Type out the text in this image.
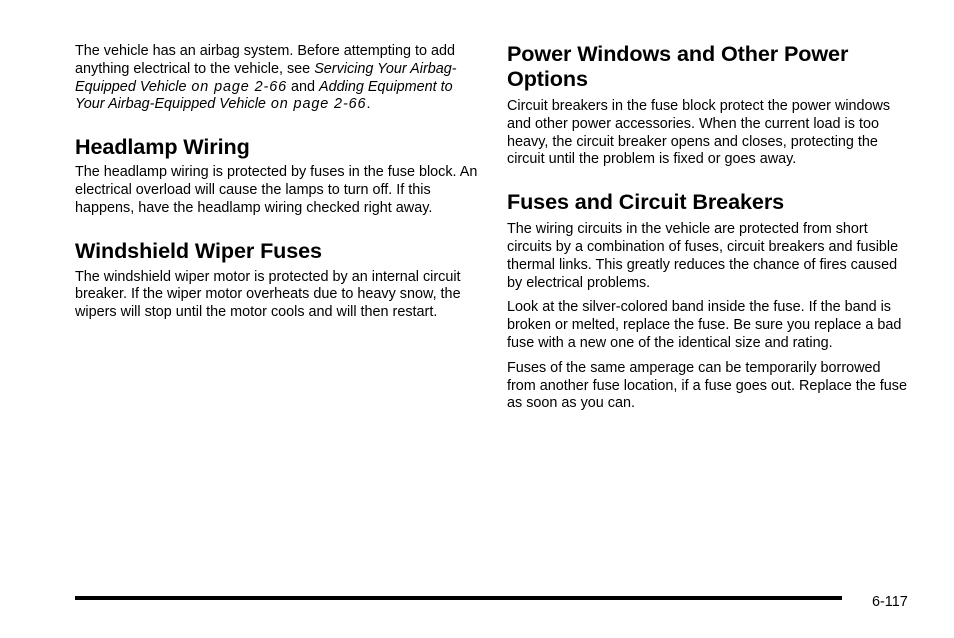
The vehicle has an airbag system. Before attempting to add anything electrical to the vehicle, see Servicing Your Airbag-Equipped Vehicle on page 2-66 and Adding Equipment to Your Airbag-Equipped Vehicle on page 2-66.

Headlamp Wiring

The headlamp wiring is protected by fuses in the fuse block. An electrical overload will cause the lamps to turn off. If this happens, have the headlamp wiring checked right away.

Windshield Wiper Fuses

The windshield wiper motor is protected by an internal circuit breaker. If the wiper motor overheats due to heavy snow, the wipers will stop until the motor cools and will then restart.

Power Windows and Other Power Options

Circuit breakers in the fuse block protect the power windows and other power accessories. When the current load is too heavy, the circuit breaker opens and closes, protecting the circuit until the problem is fixed or goes away.

Fuses and Circuit Breakers

The wiring circuits in the vehicle are protected from short circuits by a combination of fuses, circuit breakers and fusible thermal links. This greatly reduces the chance of fires caused by electrical problems.

Look at the silver-colored band inside the fuse. If the band is broken or melted, replace the fuse. Be sure you replace a bad fuse with a new one of the identical size and rating.

Fuses of the same amperage can be temporarily borrowed from another fuse location, if a fuse goes out. Replace the fuse as soon as you can.

6-117
